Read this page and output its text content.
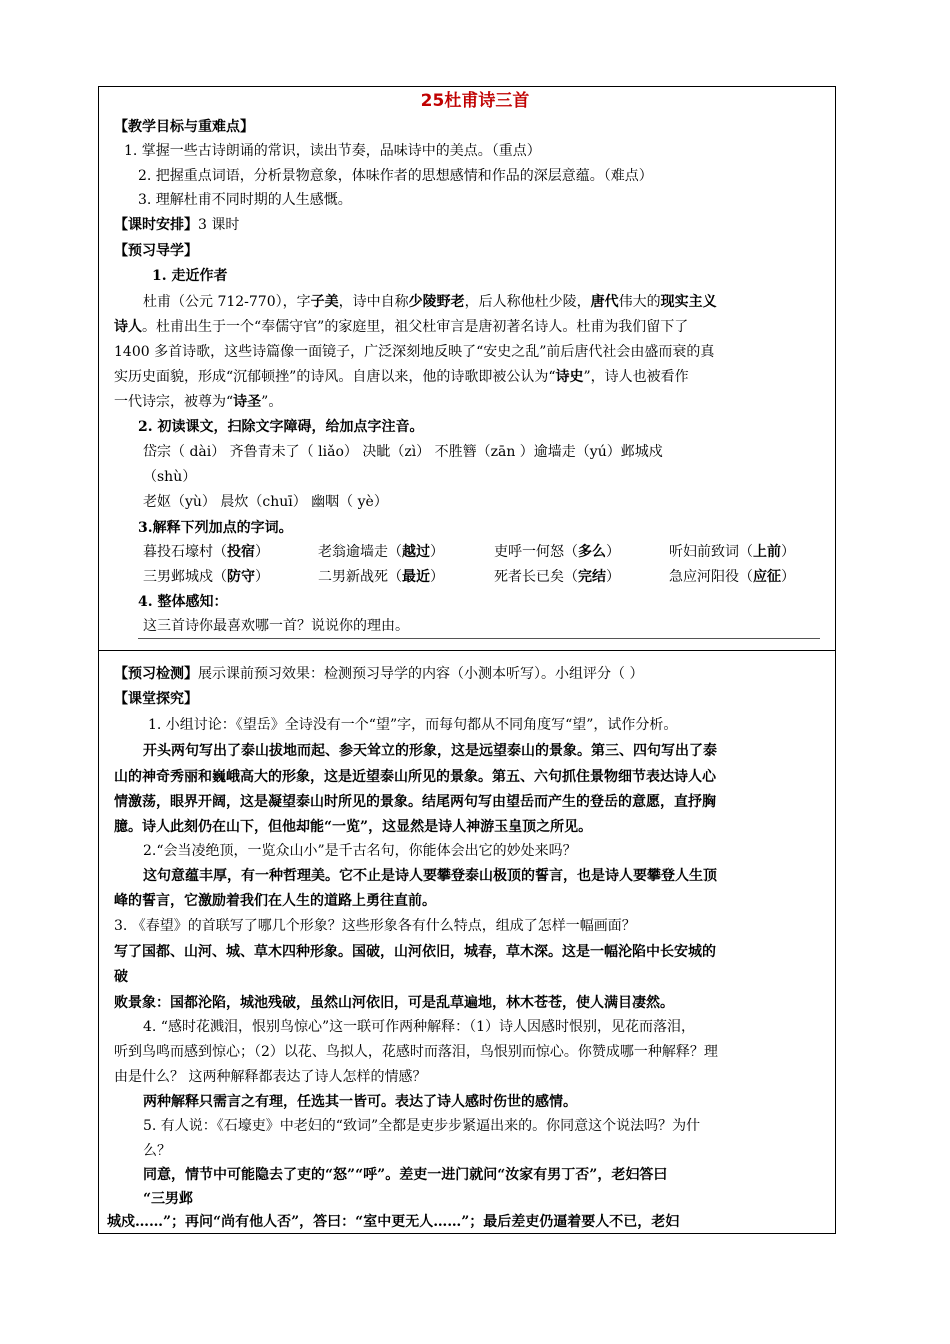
25杜甫诗三首
【教学目标与重难点】
1. 掌握一些古诗朗诵的常识，读出节奏，品味诗中的美点。（重点）
2. 把握重点词语，分析景物意象，体味作者的思想感情和作品的深层意蕴。（难点）
3. 理解杜甫不同时期的人生感慨。
【课时安排】3 课时
【预习导学】
1. 走近作者
杜甫（公元 712-770），字子美，诗中自称少陵野老，后人称他杜少陵，唐代伟大的现实主义
诗人。杜甫出生于一个“奉儒守官”的家庭里，祖父杜审言是唐初著名诗人。杜甫为我们留下了
1400 多首诗歌，这些诗篇像一面镜子，广泛深刻地反映了“安史之乱”前后唐代社会由盛而衰的真
实历史面貌，形成“沉郁顿挫”的诗风。自唐以来，他的诗歌即被公认为“诗史”，诗人也被看作
一代诗宗，被尊为“诗圣”。
2. 初读课文，扫除文字障碍，给加点字注音。
岱宗（ dài） 齐鲁青未了（ liǎo） 决眦（zì） 不胜簪（zān ）逾墙走（yú）邺城戍
（shù）
老妪（yù） 晨炊（chuī） 幽咽（ yè）
3.解释下列加点的字词。
暮投石壕村（投宿）	老翁逾墙走（越过）	吏呼一何怒（多么）	听妇前致词（上前）
三男邺城戍（防守）	二男新战死（最近）	死者长已矣（完结）	急应河阳役（应征）
4. 整体感知：
这三首诗你最喜欢哪一首？说说你的理由。
【预习检测】展示课前预习效果：检测预习导学的内容（小测本听写）。小组评分（ ）
【课堂探究】
1. 小组讨论：《望岳》全诗没有一个“望”字，而每句都从不同角度写“望”，试作分析。
开头两句写出了泰山拔地而起、参天耸立的形象，这是远望泰山的景象。第三、四句写出了泰
山的神奇秀丽和巍峨高大的形象，这是近望泰山所见的景象。第五、六句抓住景物细节表达诗人心
情激荡，眼界开阔，这是凝望泰山时所见的景象。结尾两句写由望岳而产生的登岳的意愿，直抒胸
臆。诗人此刻仍在山下，但他却能“一览”，这显然是诗人神游玉皇顶之所见。
2.“会当凌绝顶，一览众山小”是千古名句，你能体会出它的妙处来吗？
这句意蕴丰厚，有一种哲理美。它不止是诗人要攀登泰山极顶的誓言，也是诗人要攀登人生顶
峰的誓言，它激励着我们在人生的道路上勇往直前。
3. 《春望》的首联写了哪几个形象？这些形象各有什么特点，组成了怎样一幅画面？
写了国都、山河、城、草木四种形象。国破，山河依旧，城春，草木深。这是一幅沦陷中长安城的
破
败景象：国都沦陷，城池残破，虽然山河依旧，可是乱草遍地，林木苍苍，使人满目凄然。
4. “感时花溅泪，恨别鸟惊心”这一联可作两种解释：（1）诗人因感时恨别，见花而落泪，
听到鸟鸣而感到惊心；（2）以花、鸟拟人，花感时而落泪，鸟恨别而惊心。你赞成哪一种解释？理
由是什么？ 这两种解释都表达了诗人怎样的情感？
两种解释只需言之有理，任选其一皆可。表达了诗人感时伤世的感情。
5. 有人说：《石壕吏》中老妇的“致词”全都是吏步步紧逼出来的。你同意这个说法吗？为什
么？
同意，情节中可能隐去了吏的“怒”“呼”。差吏一进门就问“汝家有男丁否”，老妇答曰
“三男邺
城戍……”；再问“尚有他人否”，答曰：“室中更无人……”；最后差吏仍逼着要人不已，老妇
